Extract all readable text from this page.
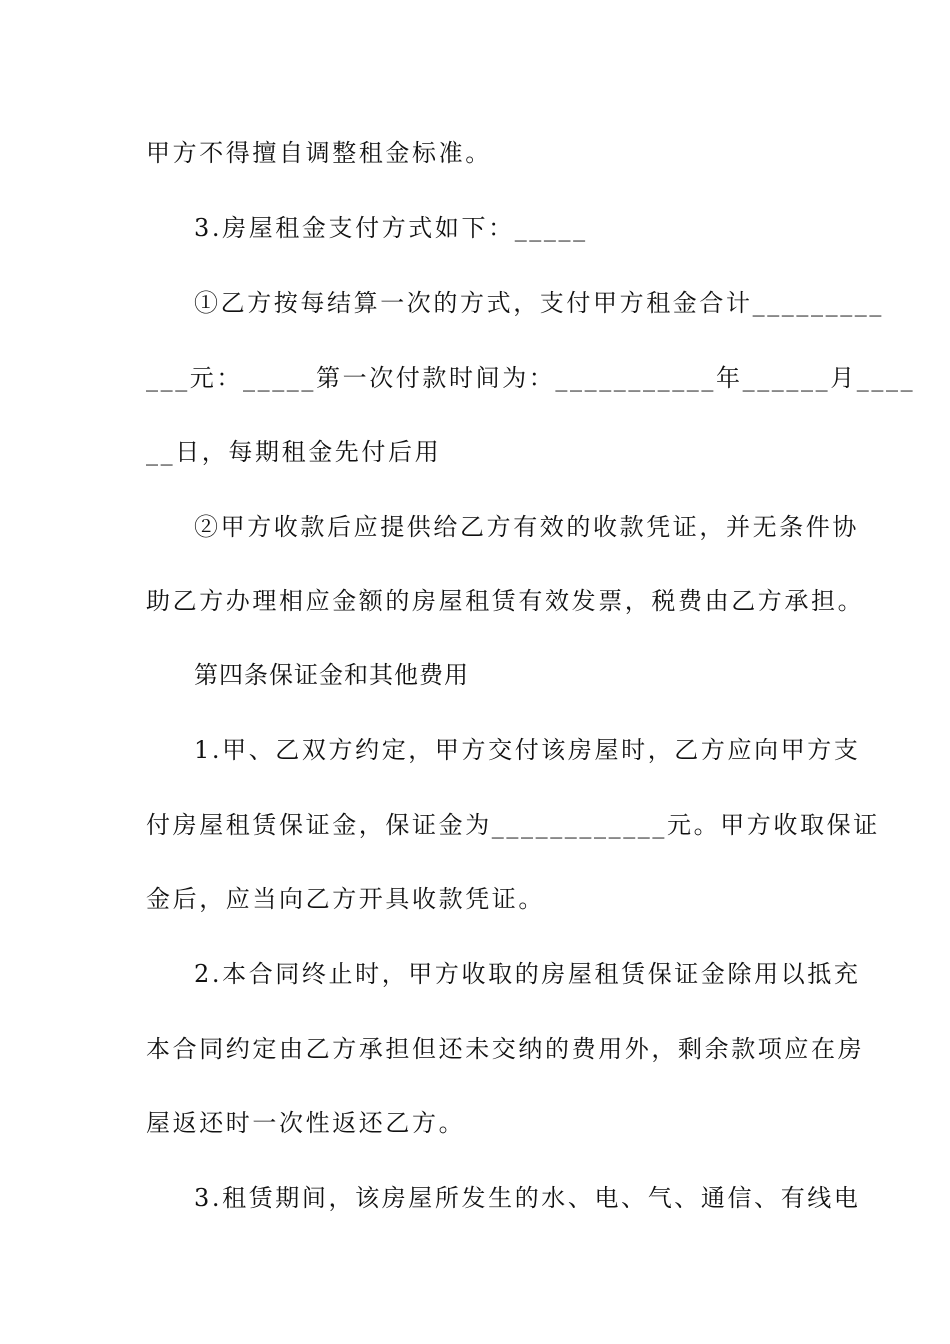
甲方不得擅自调整租金标准。
3.房屋租金支付方式如下：_____
①乙方按每结算一次的方式，支付甲方租金合计_________
___元：_____第一次付款时间为：___________年______月____
__日，每期租金先付后用
②甲方收款后应提供给乙方有效的收款凭证，并无条件协
助乙方办理相应金额的房屋租赁有效发票，税费由乙方承担。
第四条保证金和其他费用
1.甲、乙双方约定，甲方交付该房屋时，乙方应向甲方支
付房屋租赁保证金，保证金为____________元。甲方收取保证
金后，应当向乙方开具收款凭证。
2.本合同终止时，甲方收取的房屋租赁保证金除用以抵充
本合同约定由乙方承担但还未交纳的费用外，剩余款项应在房
屋返还时一次性返还乙方。
3.租赁期间，该房屋所发生的水、电、气、通信、有线电
